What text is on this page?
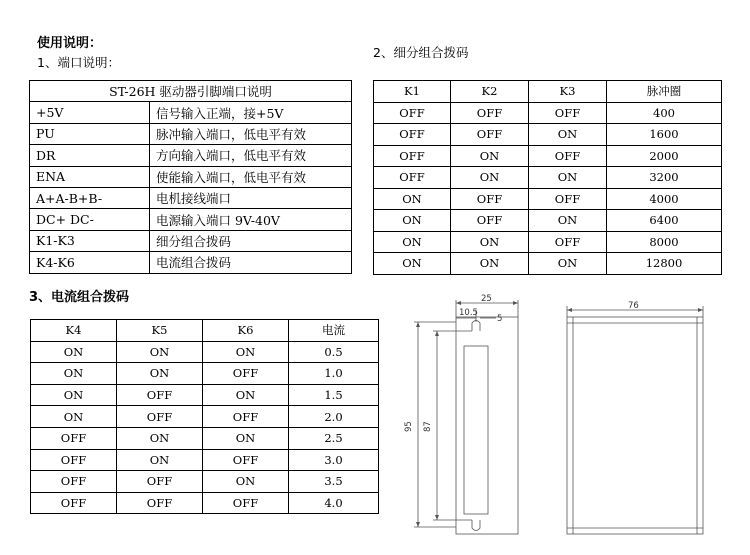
使用说明：
1、端口说明：
2、细分组合拨码
3、电流组合拨码
ST-26H 驱动器引脚端口说明	
+5V	信号输入正端，接+5V
PU	脉冲输入端口，低电平有效
DR	方向输入端口，低电平有效
ENA	使能输入端口，低电平有效
A+A-B+B-	电机接线端口
DC+ DC-	电源输入端口 9V-40V
K1-K3	细分组合拨码
K4-K6	电流组合拨码
K1	K2	K3	脉冲圈
OFF	OFF	OFF	400
OFF	OFF	ON	1600
OFF	ON	OFF	2000
OFF	ON	ON	3200
ON	OFF	OFF	4000
ON	OFF	ON	6400
ON	ON	OFF	8000
ON	ON	ON	12800
K4	K5	K6	电流
ON	ON	ON	0.5
ON	ON	OFF	1.0
ON	OFF	ON	1.5
ON	OFF	OFF	2.0
OFF	ON	ON	2.5
OFF	ON	OFF	3.0
OFF	OFF	ON	3.5
OFF	OFF	OFF	4.0
25
10.5
5
95 87
76
